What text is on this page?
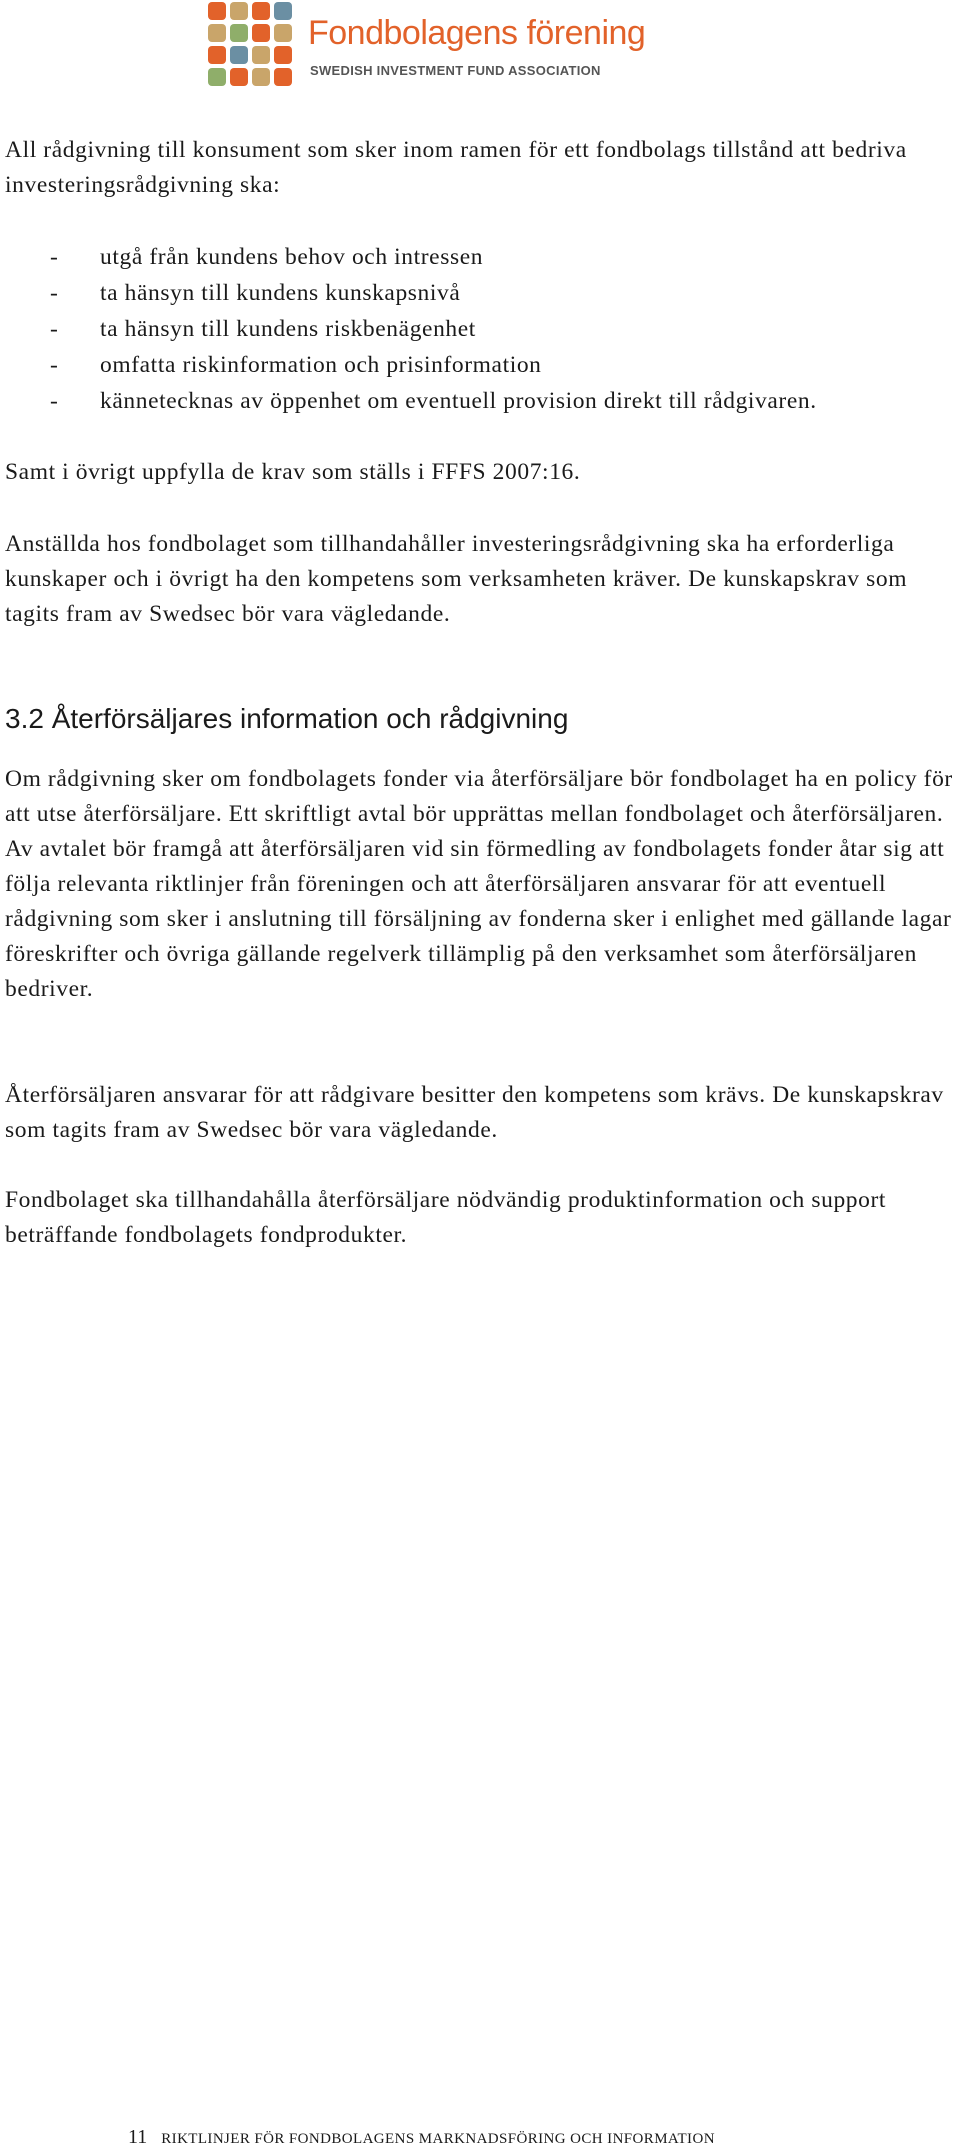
Fondbolagens förening
SWEDISH INVESTMENT FUND ASSOCIATION

All rådgivning till konsument som sker inom ramen för ett fondbolags tillstånd att bedriva investeringsrådgivning ska:

- utgå från kundens behov och intressen
- ta hänsyn till kundens kunskapsnivå
- ta hänsyn till kundens riskbenägenhet
- omfatta riskinformation och prisinformation
- kännetecknas av öppenhet om eventuell provision direkt till rådgivaren.

Samt i övrigt uppfylla de krav som ställs i FFFS 2007:16.

Anställda hos fondbolaget som tillhandahåller investeringsrådgivning ska ha erforderliga kunskaper och i övrigt ha den kompetens som verksamheten kräver. De kunskapskrav som tagits fram av Swedsec bör vara vägledande.

3.2 Återförsäljares information och rådgivning

Om rådgivning sker om fondbolagets fonder via återförsäljare bör fondbolaget ha en policy för att utse återförsäljare. Ett skriftligt avtal bör upprättas mellan fondbolaget och återförsäljaren. Av avtalet bör framgå att återförsäljaren vid sin förmedling av fondbolagets fonder åtar sig att följa relevanta riktlinjer från föreningen och att återförsäljaren ansvarar för att eventuell rådgivning som sker i anslutning till försäljning av fonderna sker i enlighet med gällande lagar föreskrifter och övriga gällande regelverk tillämplig på den verksamhet som återförsäljaren bedriver.

Återförsäljaren ansvarar för att rådgivare besitter den kompetens som krävs. De kunskapskrav som tagits fram av Swedsec bör vara vägledande.

Fondbolaget ska tillhandahålla återförsäljare nödvändig produktinformation och support beträffande fondbolagets fondprodukter.

11 RIKTLINJER FÖR FONDBOLAGENS MARKNADSFÖRING OCH INFORMATION
